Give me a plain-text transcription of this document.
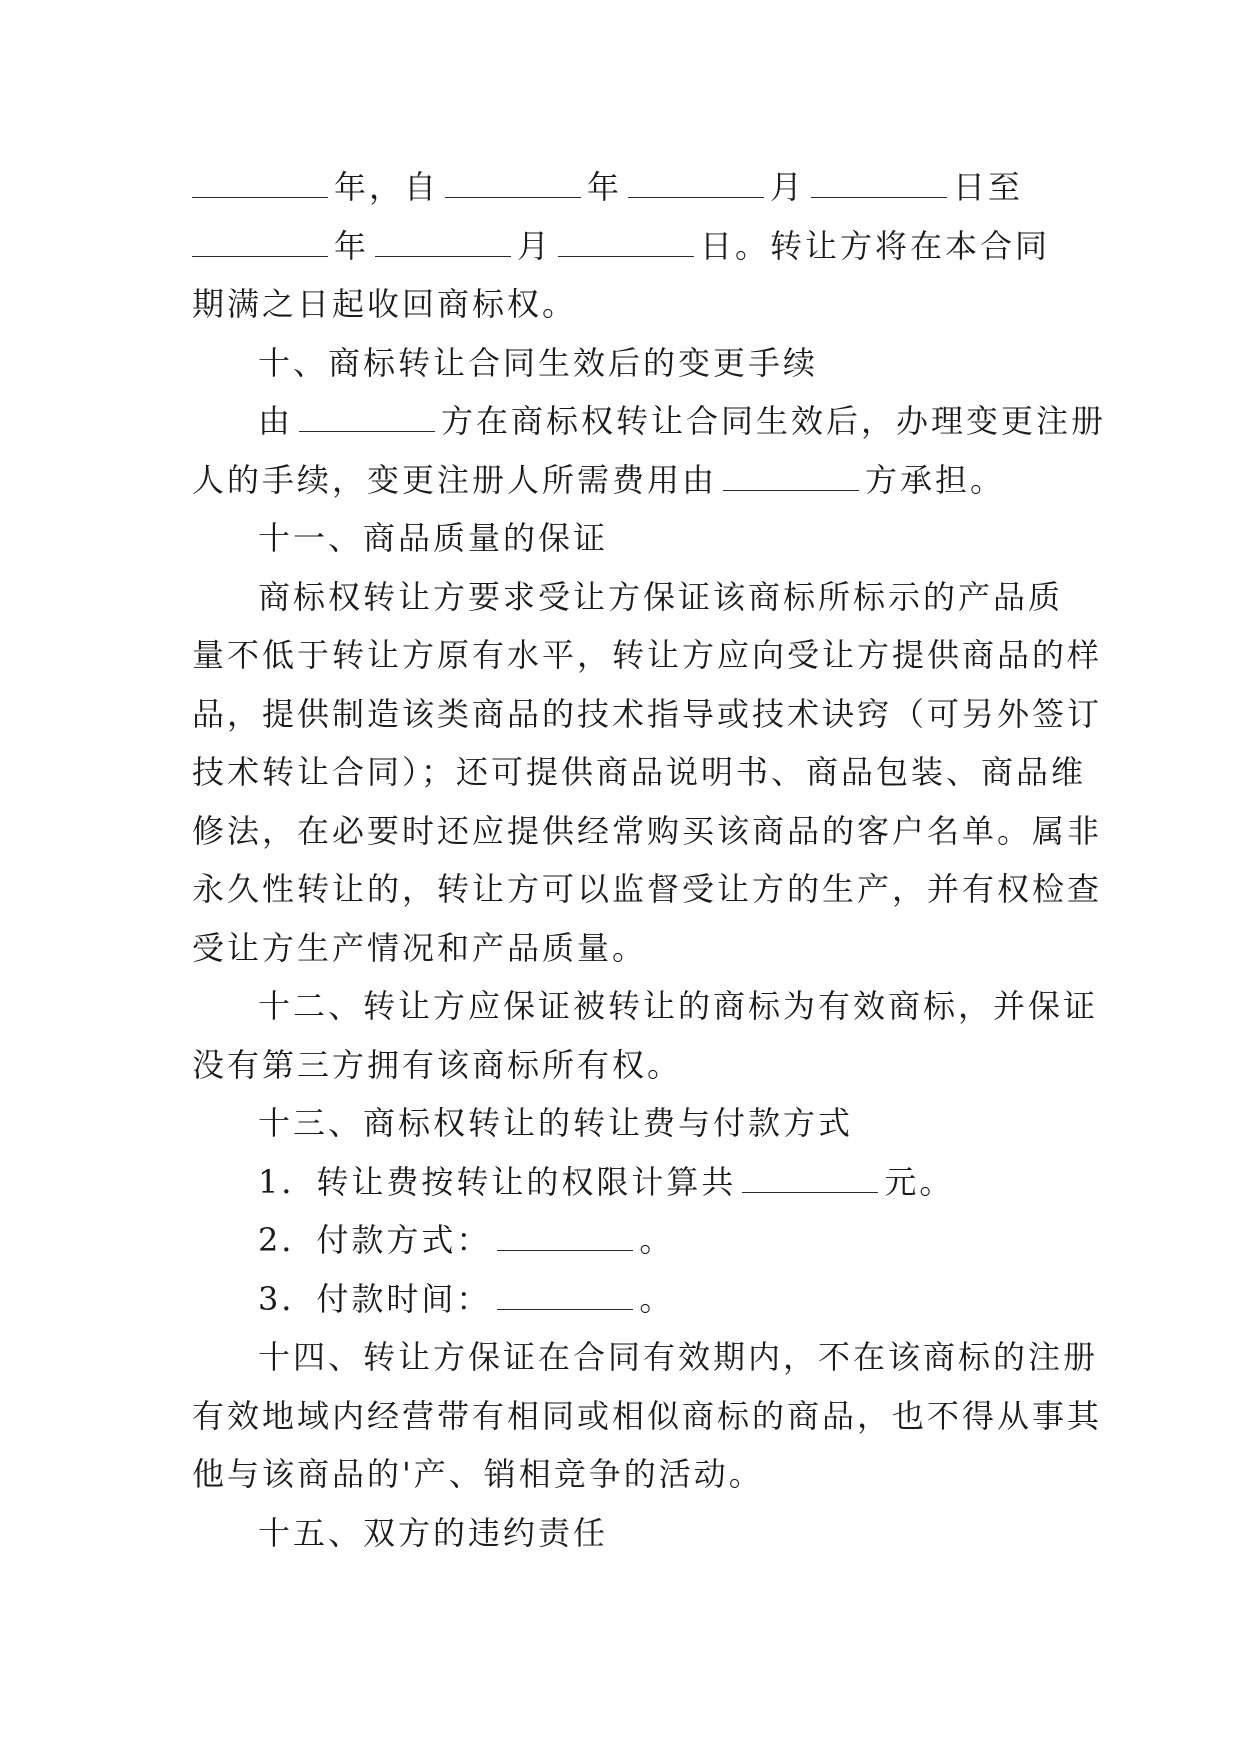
年，自	年	月	日至
年	月	日。转让方将在本合同
期满之日起收回商标权。
十、商标转让合同生效后的变更手续
由	方在商标权转让合同生效后，办理变更注册
人的手续，变更注册人所需费用由	方承担。
十一、商品质量的保证
商标权转让方要求受让方保证该商标所标示的产品质
量不低于转让方原有水平，转让方应向受让方提供商品的样
品，提供制造该类商品的技术指导或技术诀窍（可另外签订
技术转让合同）；还可提供商品说明书、商品包装、商品维
修法，在必要时还应提供经常购买该商品的客户名单。属非
永久性转让的，转让方可以监督受让方的生产，并有权检查
受让方生产情况和产品质量。
十二、转让方应保证被转让的商标为有效商标，并保证
没有第三方拥有该商标所有权。
十三、商标权转让的转让费与付款方式
1．转让费按转让的权限计算共	元。
2．付款方式：	。
3．付款时间：	。
十四、转让方保证在合同有效期内，不在该商标的注册
有效地域内经营带有相同或相似商标的商品，也不得从事其
他与该商品的'产、销相竞争的活动。
十五、双方的违约责任
